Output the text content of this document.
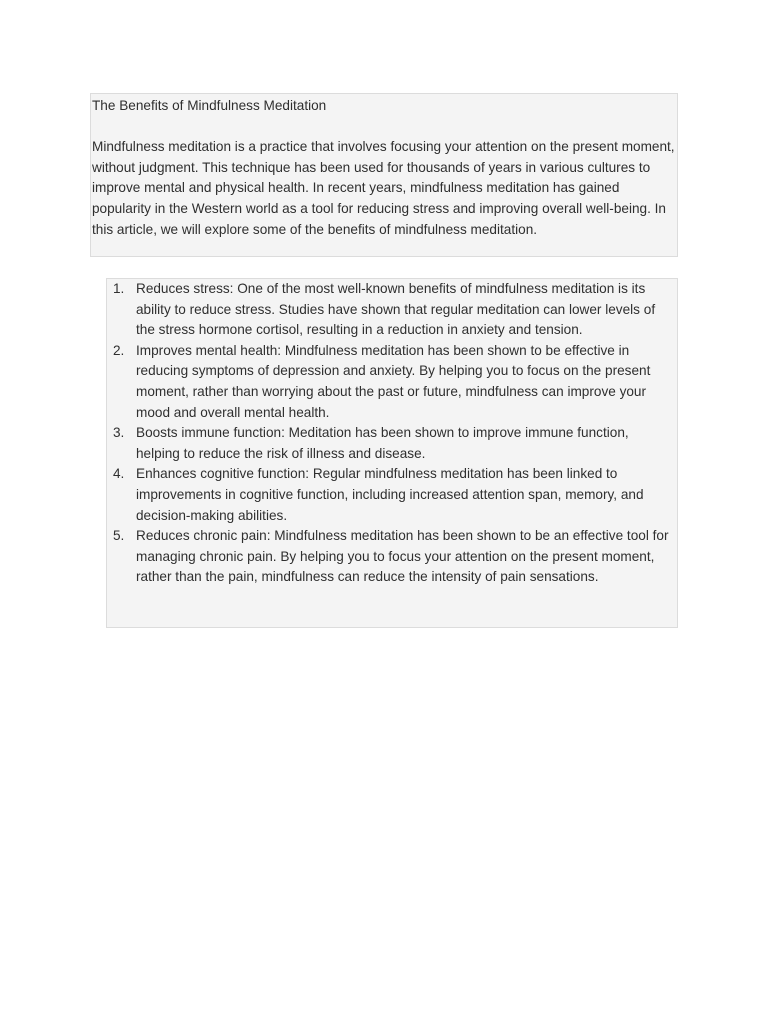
The Benefits of Mindfulness Meditation

Mindfulness meditation is a practice that involves focusing your attention on the present moment, without judgment. This technique has been used for thousands of years in various cultures to improve mental and physical health. In recent years, mindfulness meditation has gained popularity in the Western world as a tool for reducing stress and improving overall well-being. In this article, we will explore some of the benefits of mindfulness meditation.

1. Reduces stress: One of the most well-known benefits of mindfulness meditation is its ability to reduce stress. Studies have shown that regular meditation can lower levels of the stress hormone cortisol, resulting in a reduction in anxiety and tension.
2. Improves mental health: Mindfulness meditation has been shown to be effective in reducing symptoms of depression and anxiety. By helping you to focus on the present moment, rather than worrying about the past or future, mindfulness can improve your mood and overall mental health.
3. Boosts immune function: Meditation has been shown to improve immune function, helping to reduce the risk of illness and disease.
4. Enhances cognitive function: Regular mindfulness meditation has been linked to improvements in cognitive function, including increased attention span, memory, and decision-making abilities.
5. Reduces chronic pain: Mindfulness meditation has been shown to be an effective tool for managing chronic pain. By helping you to focus your attention on the present moment, rather than the pain, mindfulness can reduce the intensity of pain sensations.
